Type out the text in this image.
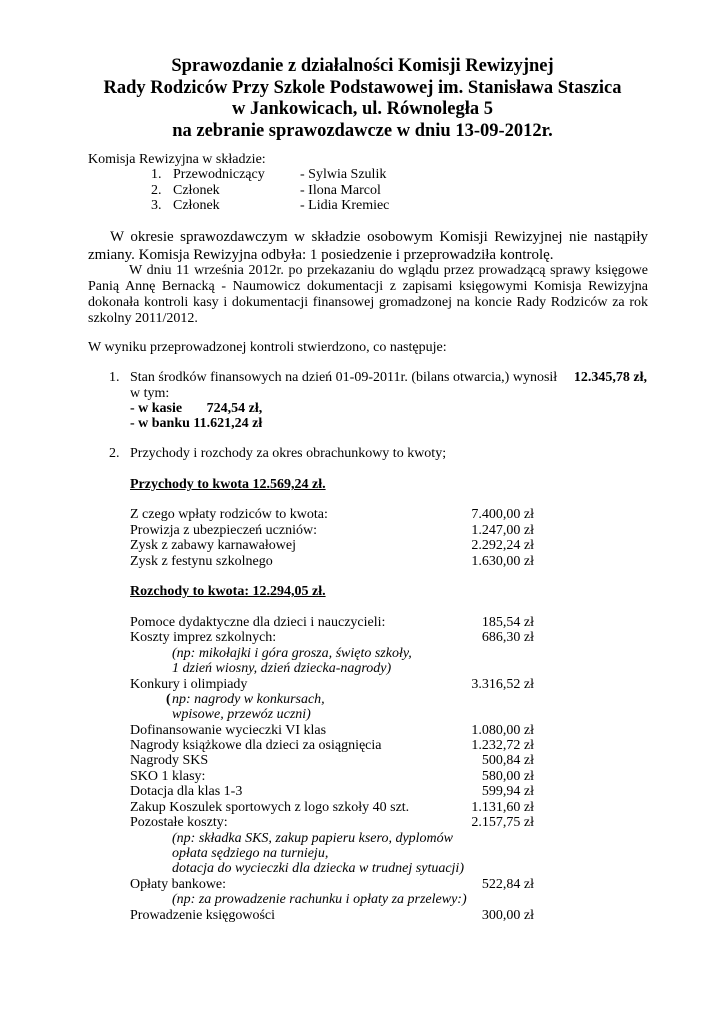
Sprawozdanie z działalności Komisji Rewizyjnej
Rady Rodziców Przy Szkole Podstawowej im. Stanisława Staszica
w Jankowicach, ul. Równoległa 5
na zebranie sprawozdawcze w dniu 13-09-2012r.
Komisja Rewizyjna w składzie:
1. Przewodniczący	- Sylwia Szulik
2. Członek	- Ilona Marcol
3. Członek	- Lidia Kremiec

W okresie sprawozdawczym w składzie osobowym Komisji Rewizyjnej nie nastąpiły zmiany. Komisja Rewizyjna odbyła: 1 posiedzenie i przeprowadziła kontrolę.

W dniu 11 września 2012r. po przekazaniu do wglądu przez prowadzącą sprawy księgowe Panią Annę Bernacką - Naumowicz dokumentacji z zapisami księgowymi Komisja Rewizyjna dokonała kontroli kasy i dokumentacji finansowej gromadzonej na koncie Rady Rodziców za rok szkolny 2011/2012.

W wyniku przeprowadzonej kontroli stwierdzono, co następuje:
1. Stan środków finansowych na dzień 01-09-2011r. (bilans otwarcia,) wynosił 12.345,78 zł,
w tym:
- w kasie       724,54 zł,
- w banku 11.621,24 zł
2. Przychody i rozchody za okres obrachunkowy to kwoty;
Przychody to kwota 12.569,24 zł.
Z czego wpłaty rodziców to kwota:	7.400,00 zł
Prowizja z ubezpieczeń uczniów:	1.247,00 zł
Zysk z zabawy karnawałowej	2.292,24 zł
Zysk z festynu szkolnego	1.630,00 zł
Rozchody to kwota: 12.294,05 zł.
Pomoce dydaktyczne dla dzieci i nauczycieli:	185,54 zł
Koszty imprez szkolnych:	686,30 zł
(np: mikołajki i góra grosza, święto szkoły,
1 dzień wiosny, dzień dziecka-nagrody)
Konkury i olimpiady	3.316,52 zł
( np: nagrody w konkursach,
wpisowe, przewóz uczni)
Dofinansowanie wycieczki VI klas	1.080,00 zł
Nagrody książkowe dla dzieci za osiągnięcia	1.232,72 zł
Nagrody SKS	500,84 zł
SKO 1 klasy:	580,00 zł
Dotacja dla klas 1-3	599,94 zł
Zakup Koszulek sportowych z logo szkoły 40 szt.	1.131,60 zł
Pozostałe koszty:	2.157,75 zł
(np: składka SKS, zakup papieru ksero, dyplomów
opłata sędziego na turnieju,
dotacja do wycieczki dla dziecka w trudnej sytuacji)
Opłaty bankowe:	522,84 zł
(np: za prowadzenie rachunku i opłaty za przelewy:)
Prowadzenie księgowości	300,00 zł
